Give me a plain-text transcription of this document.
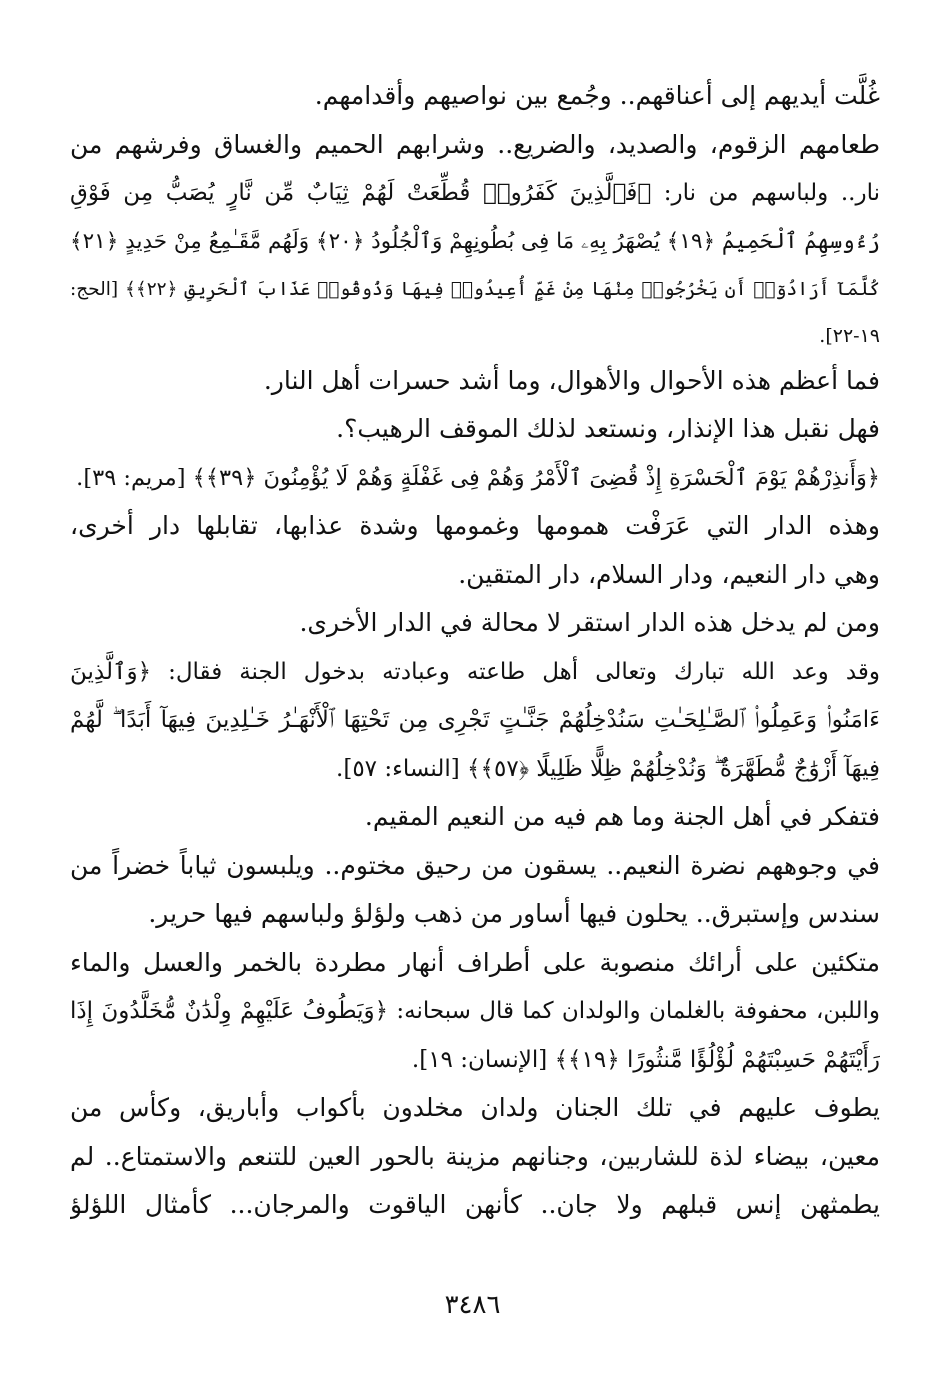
غُلَّت أيديهم إلى أعناقهم.. وجُمع بين نواصيهم وأقدامهم.
طعامهم الزقوم، والصديد، والضريع.. وشرابهم الحميم والغساق وفرشهم من
نار.. ولباسهم من نار: ﴿فَٱلَّذِينَ كَفَرُوا۟ قُطِّعَتْ لَهُمْ ثِيَابٌ مِّن نَّارٍ يُصَبُّ مِن فَوْقِ
رُءُوسِهِمُ ٱلْحَمِيمُ ﴿١٩﴾ يُصْهَرُ بِهِۦ مَا فِى بُطُونِهِمْ وَٱلْجُلُودُ ﴿٢٠﴾ وَلَهُم مَّقَـٰمِعُ مِنْ حَدِيدٍ ﴿٢١﴾
كُلَّمَآ أَرَادُوٓا۟ أَن يَخْرُجُوا۟ مِنْهَا مِنْ غَمٍّ أُعِيدُوا۟ فِيهَا وَذُوقُوا۟ عَذَابَ ٱلْحَرِيقِ ﴿٢٢﴾﴾ [الحج:
١٩-٢٢].
فما أعظم هذه الأحوال والأهوال، وما أشد حسرات أهل النار.
فهل نقبل هذا الإنذار، ونستعد لذلك الموقف الرهيب؟.
﴿وَأَنذِرْهُمْ يَوْمَ ٱلْحَسْرَةِ إِذْ قُضِىَ ٱلْأَمْرُ وَهُمْ فِى غَفْلَةٍ وَهُمْ لَا يُؤْمِنُونَ ﴿٣٩﴾﴾ [مريم: ٣٩].
وهذه الدار التي عَرَفْت همومها وغمومها وشدة عذابها، تقابلها دار أخرى،
وهي دار النعيم، ودار السلام، دار المتقين.
ومن لم يدخل هذه الدار استقر لا محالة في الدار الأخرى.
وقد وعد الله تبارك وتعالى أهل طاعته وعبادته بدخول الجنة فقال: ﴿وَٱلَّذِينَ
ءَامَنُوا۟ وَعَمِلُوا۟ ٱلصَّـٰلِحَـٰتِ سَنُدْخِلُهُمْ جَنَّـٰتٍ تَجْرِى مِن تَحْتِهَا ٱلْأَنْهَـٰرُ خَـٰلِدِينَ فِيهَآ أَبَدًا ۖ لَّهُمْ
فِيهَآ أَزْوَٰجٌ مُّطَهَّرَةٌ ۖ وَنُدْخِلُهُمْ ظِلًّا ظَلِيلًا ﴿٥٧﴾﴾ [النساء: ٥٧].
فتفكر في أهل الجنة وما هم فيه من النعيم المقيم.
في وجوههم نضرة النعيم.. يسقون من رحيق مختوم.. ويلبسون ثياباً خضراً من
سندس وإستبرق.. يحلون فيها أساور من ذهب ولؤلؤ ولباسهم فيها حرير.
متكئين على أرائك منصوبة على أطراف أنهار مطردة بالخمر والعسل والماء
واللبن، محفوفة بالغلمان والولدان كما قال سبحانه: ﴿وَيَطُوفُ عَلَيْهِمْ وِلْدَٰنٌ مُّخَلَّدُونَ إِذَا
رَأَيْتَهُمْ حَسِبْتَهُمْ لُؤْلُؤًا مَّنثُورًا ﴿١٩﴾﴾ [الإنسان: ١٩].
يطوف عليهم في تلك الجنان ولدان مخلدون بأكواب وأباريق، وكأس من
معين، بيضاء لذة للشاربين، وجنانهم مزينة بالحور العين للتنعم والاستمتاع.. لم
يطمثهن إنس قبلهم ولا جان.. كأنهن الياقوت والمرجان... كأمثال اللؤلؤ
٣٤٨٦
